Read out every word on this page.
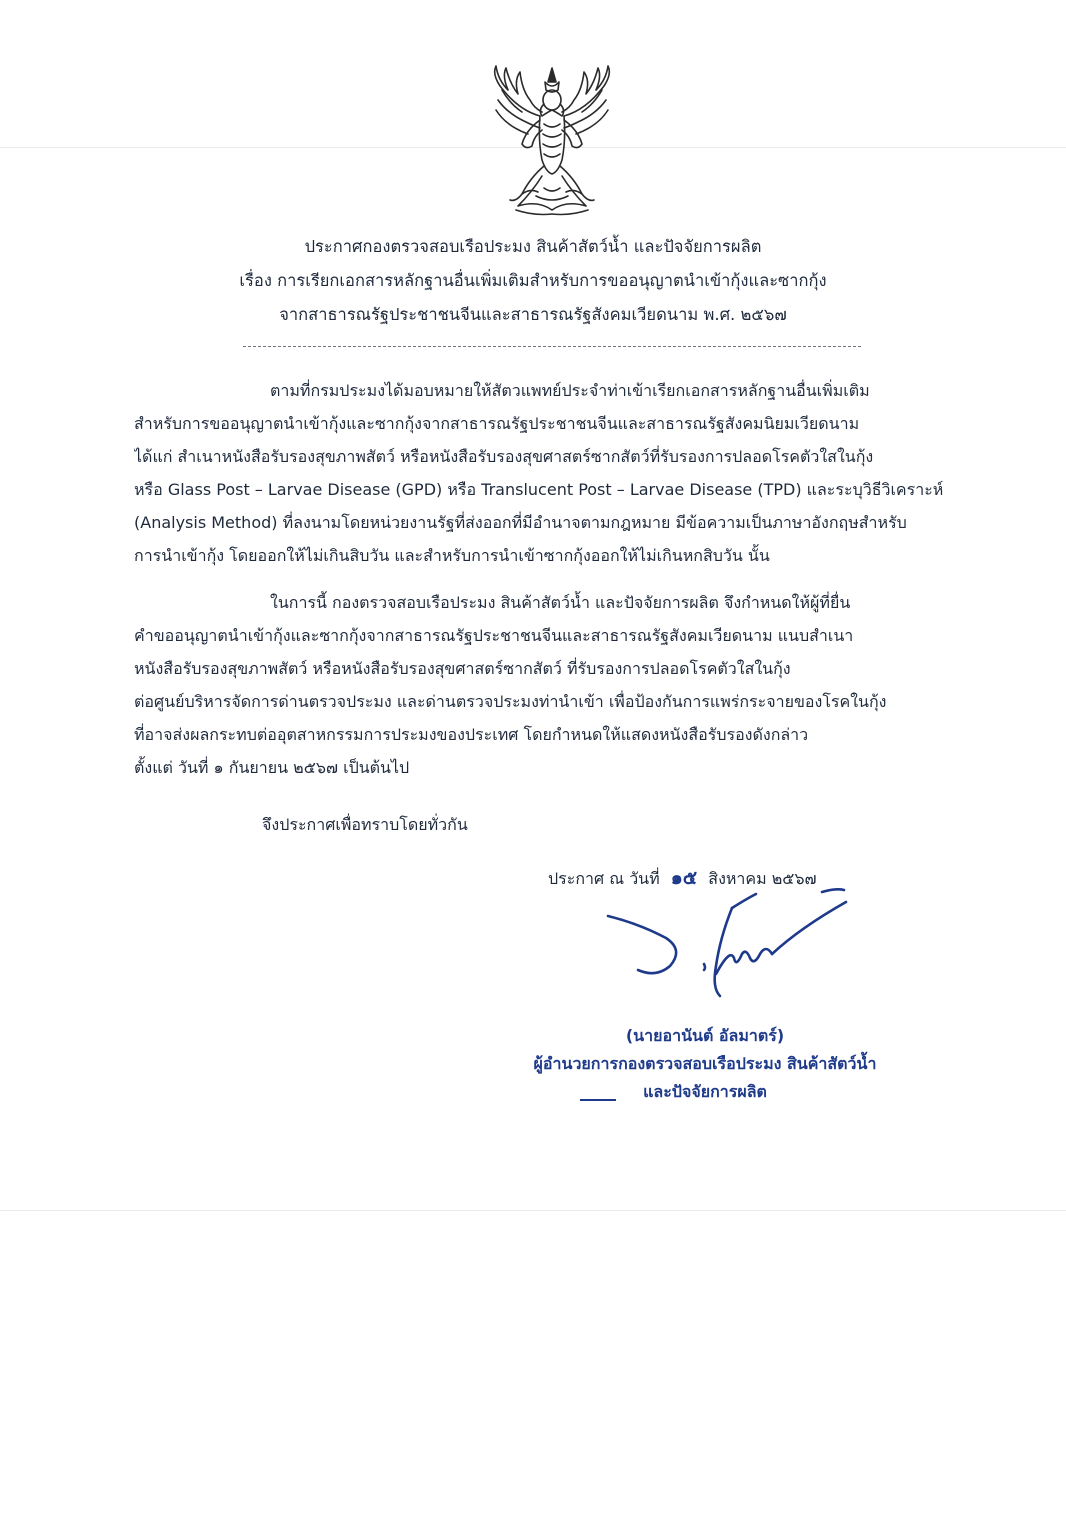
ประกาศกองตรวจสอบเรือประมง สินค้าสัตว์น้ำ และปัจจัยการผลิต
เรื่อง การเรียกเอกสารหลักฐานอื่นเพิ่มเติมสำหรับการขออนุญาตนำเข้ากุ้งและซากกุ้ง
จากสาธารณรัฐประชาชนจีนและสาธารณรัฐสังคมเวียดนาม พ.ศ. ๒๕๖๗
ตามที่กรมประมงได้มอบหมายให้สัตวแพทย์ประจำท่าเข้าเรียกเอกสารหลักฐานอื่นเพิ่มเติม
สำหรับการขออนุญาตนำเข้ากุ้งและซากกุ้งจากสาธารณรัฐประชาชนจีนและสาธารณรัฐสังคมนิยมเวียดนาม
ได้แก่ สำเนาหนังสือรับรองสุขภาพสัตว์ หรือหนังสือรับรองสุขศาสตร์ซากสัตว์ที่รับรองการปลอดโรคตัวใสในกุ้ง
หรือ Glass Post – Larvae Disease (GPD) หรือ Translucent Post – Larvae Disease (TPD) และระบุวิธีวิเคราะห์
(Analysis Method) ที่ลงนามโดยหน่วยงานรัฐที่ส่งออกที่มีอำนาจตามกฎหมาย มีข้อความเป็นภาษาอังกฤษสำหรับ
การนำเข้ากุ้ง โดยออกให้ไม่เกินสิบวัน และสำหรับการนำเข้าซากกุ้งออกให้ไม่เกินหกสิบวัน นั้น
ในการนี้ กองตรวจสอบเรือประมง สินค้าสัตว์น้ำ และปัจจัยการผลิต จึงกำหนดให้ผู้ที่ยื่น
คำขออนุญาตนำเข้ากุ้งและซากกุ้งจากสาธารณรัฐประชาชนจีนและสาธารณรัฐสังคมเวียดนาม แนบสำเนา
หนังสือรับรองสุขภาพสัตว์ หรือหนังสือรับรองสุขศาสตร์ซากสัตว์ ที่รับรองการปลอดโรคตัวใสในกุ้ง
ต่อศูนย์บริหารจัดการด่านตรวจประมง และด่านตรวจประมงท่านำเข้า เพื่อป้องกันการแพร่กระจายของโรคในกุ้ง
ที่อาจส่งผลกระทบต่ออุตสาหกรรมการประมงของประเทศ โดยกำหนดให้แสดงหนังสือรับรองดังกล่าว
ตั้งแต่ วันที่ ๑ กันยายน ๒๕๖๗ เป็นต้นไป
จึงประกาศเพื่อทราบโดยทั่วกัน
ประกาศ ณ วันที่ ๑๕ สิงหาคม ๒๕๖๗
(นายอานันต์ อัลมาตร์)
ผู้อำนวยการกองตรวจสอบเรือประมง สินค้าสัตว์น้ำ
และปัจจัยการผลิต
